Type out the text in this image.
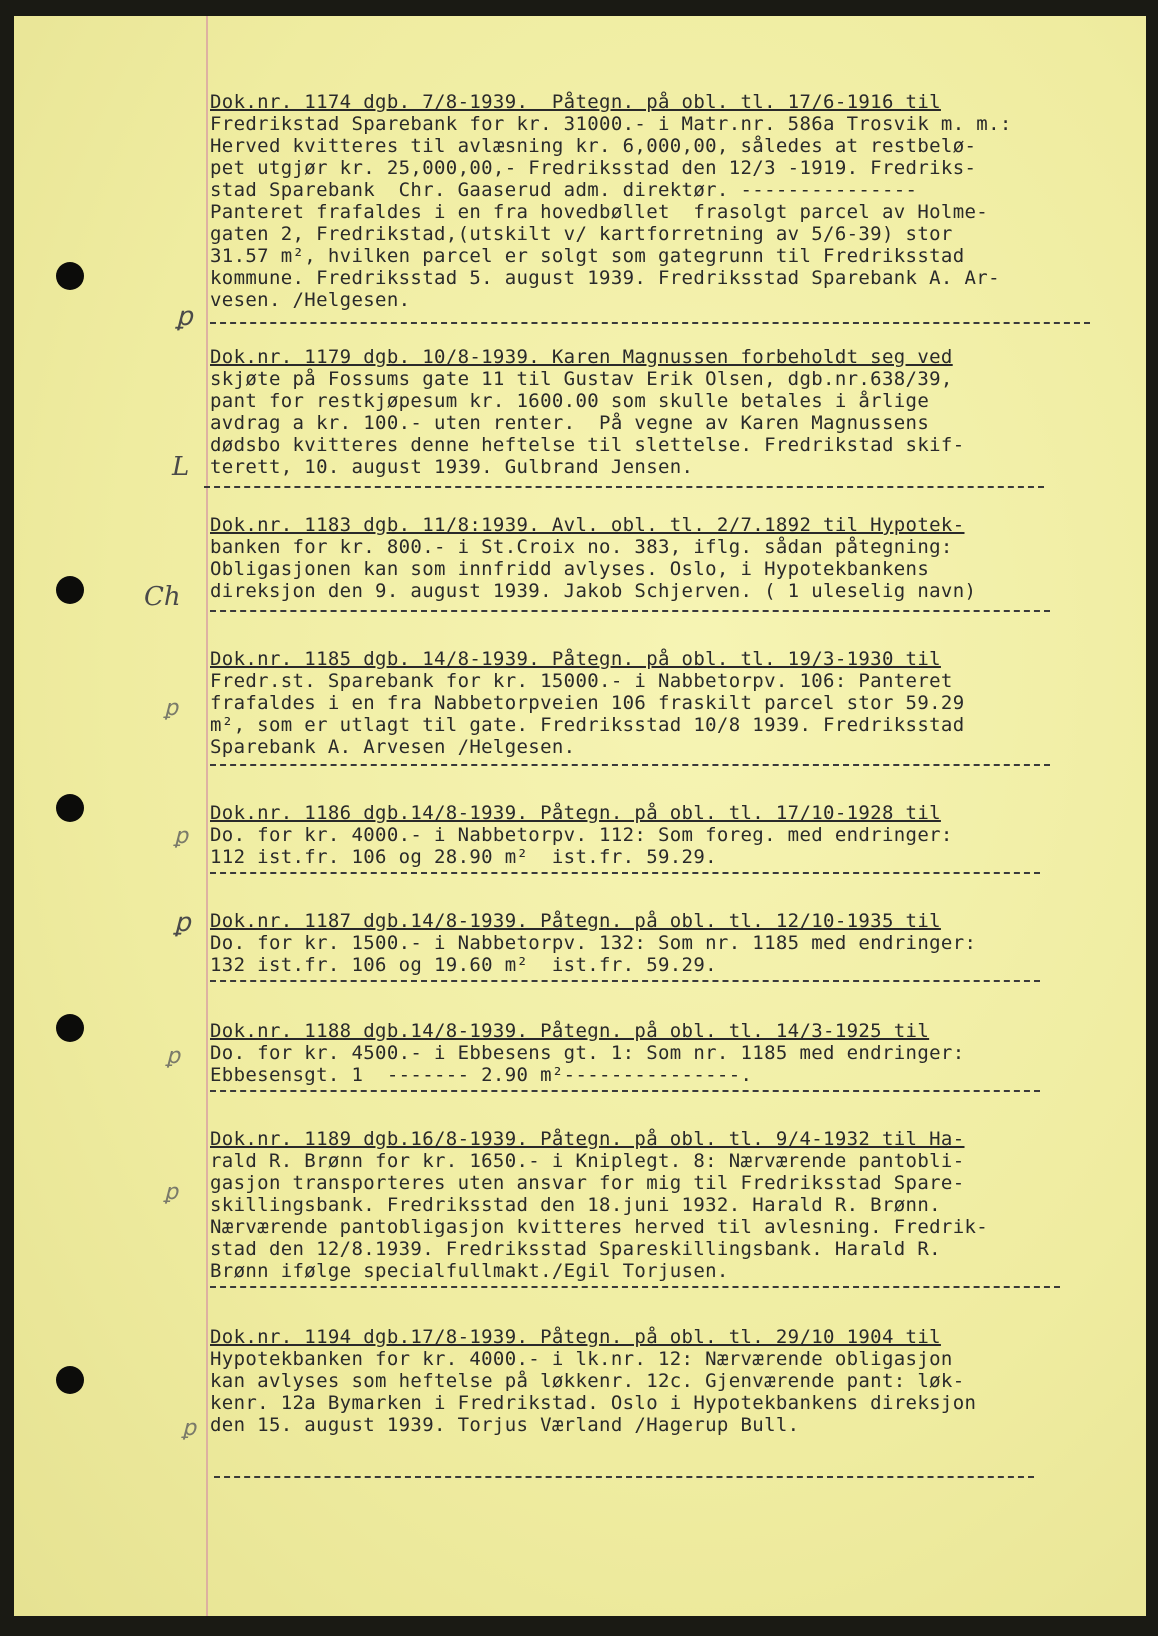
Dok.nr. 1174 dgb. 7/8-1939.  Påtegn. på obl. tl. 17/6-1916 til
Fredrikstad Sparebank for kr. 31000.- i Matr.nr. 586a Trosvik m. m.:
Herved kvitteres til avlæsning kr. 6,000,00, således at restbelø-
pet utgjør kr. 25,000,00,- Fredriksstad den 12/3 -1919. Fredriks-
stad Sparebank  Chr. Gaaserud adm. direktør. ---------------
Panteret frafaldes i en fra hovedbøllet  frasolgt parcel av Holme-
gaten 2, Fredrikstad,(utskilt v/ kartforretning av 5/6-39) stor
31.57 m², hvilken parcel er solgt som gategrunn til Fredriksstad
kommune. Fredriksstad 5. august 1939. Fredriksstad Sparebank A. Ar-
vesen. /Helgesen.
ꝑ
Dok.nr. 1179 dgb. 10/8-1939. Karen Magnussen forbeholdt seg ved
skjøte på Fossums gate 11 til Gustav Erik Olsen, dgb.nr.638/39,
pant for restkjøpesum kr. 1600.00 som skulle betales i årlige
avdrag a kr. 100.- uten renter.  På vegne av Karen Magnussens
dødsbo kvitteres denne heftelse til slettelse. Fredrikstad skif-
terett, 10. august 1939. Gulbrand Jensen.
L
Dok.nr. 1183 dgb. 11/8:1939. Avl. obl. tl. 2/7.1892 til Hypotek-
banken for kr. 800.- i St.Croix no. 383, iflg. sådan påtegning:
Obligasjonen kan som innfridd avlyses. Oslo, i Hypotekbankens
direksjon den 9. august 1939. Jakob Schjerven. ( 1 uleselig navn)
Ch
Dok.nr. 1185 dgb. 14/8-1939. Påtegn. på obl. tl. 19/3-1930 til
Fredr.st. Sparebank for kr. 15000.- i Nabbetorpv. 106: Panteret
frafaldes i en fra Nabbetorpveien 106 fraskilt parcel stor 59.29
m², som er utlagt til gate. Fredriksstad 10/8 1939. Fredriksstad
Sparebank A. Arvesen /Helgesen.
ꝑ
Dok.nr. 1186 dgb.14/8-1939. Påtegn. på obl. tl. 17/10-1928 til
Do. for kr. 4000.- i Nabbetorpv. 112: Som foreg. med endringer:
112 ist.fr. 106 og 28.90 m²  ist.fr. 59.29.
ꝑ
Dok.nr. 1187 dgb.14/8-1939. Påtegn. på obl. tl. 12/10-1935 til
Do. for kr. 1500.- i Nabbetorpv. 132: Som nr. 1185 med endringer:
132 ist.fr. 106 og 19.60 m²  ist.fr. 59.29.
ꝑ
Dok.nr. 1188 dgb.14/8-1939. Påtegn. på obl. tl. 14/3-1925 til
Do. for kr. 4500.- i Ebbesens gt. 1: Som nr. 1185 med endringer:
Ebbesensgt. 1  ------- 2.90 m²---------------.
ꝑ
Dok.nr. 1189 dgb.16/8-1939. Påtegn. på obl. tl. 9/4-1932 til Ha-
rald R. Brønn for kr. 1650.- i Kniplegt. 8: Nærværende pantobli-
gasjon transporteres uten ansvar for mig til Fredriksstad Spare-
skillingsbank. Fredriksstad den 18.juni 1932. Harald R. Brønn.
Nærværende pantobligasjon kvitteres herved til avlesning. Fredrik-
stad den 12/8.1939. Fredriksstad Spareskillingsbank. Harald R.
Brønn ifølge specialfullmakt./Egil Torjusen.
ꝑ
Dok.nr. 1194 dgb.17/8-1939. Påtegn. på obl. tl. 29/10 1904 til
Hypotekbanken for kr. 4000.- i lk.nr. 12: Nærværende obligasjon
kan avlyses som heftelse på løkkenr. 12c. Gjenværende pant: løk-
kenr. 12a Bymarken i Fredrikstad. Oslo i Hypotekbankens direksjon
den 15. august 1939. Torjus Værland /Hagerup Bull.
ꝑ
